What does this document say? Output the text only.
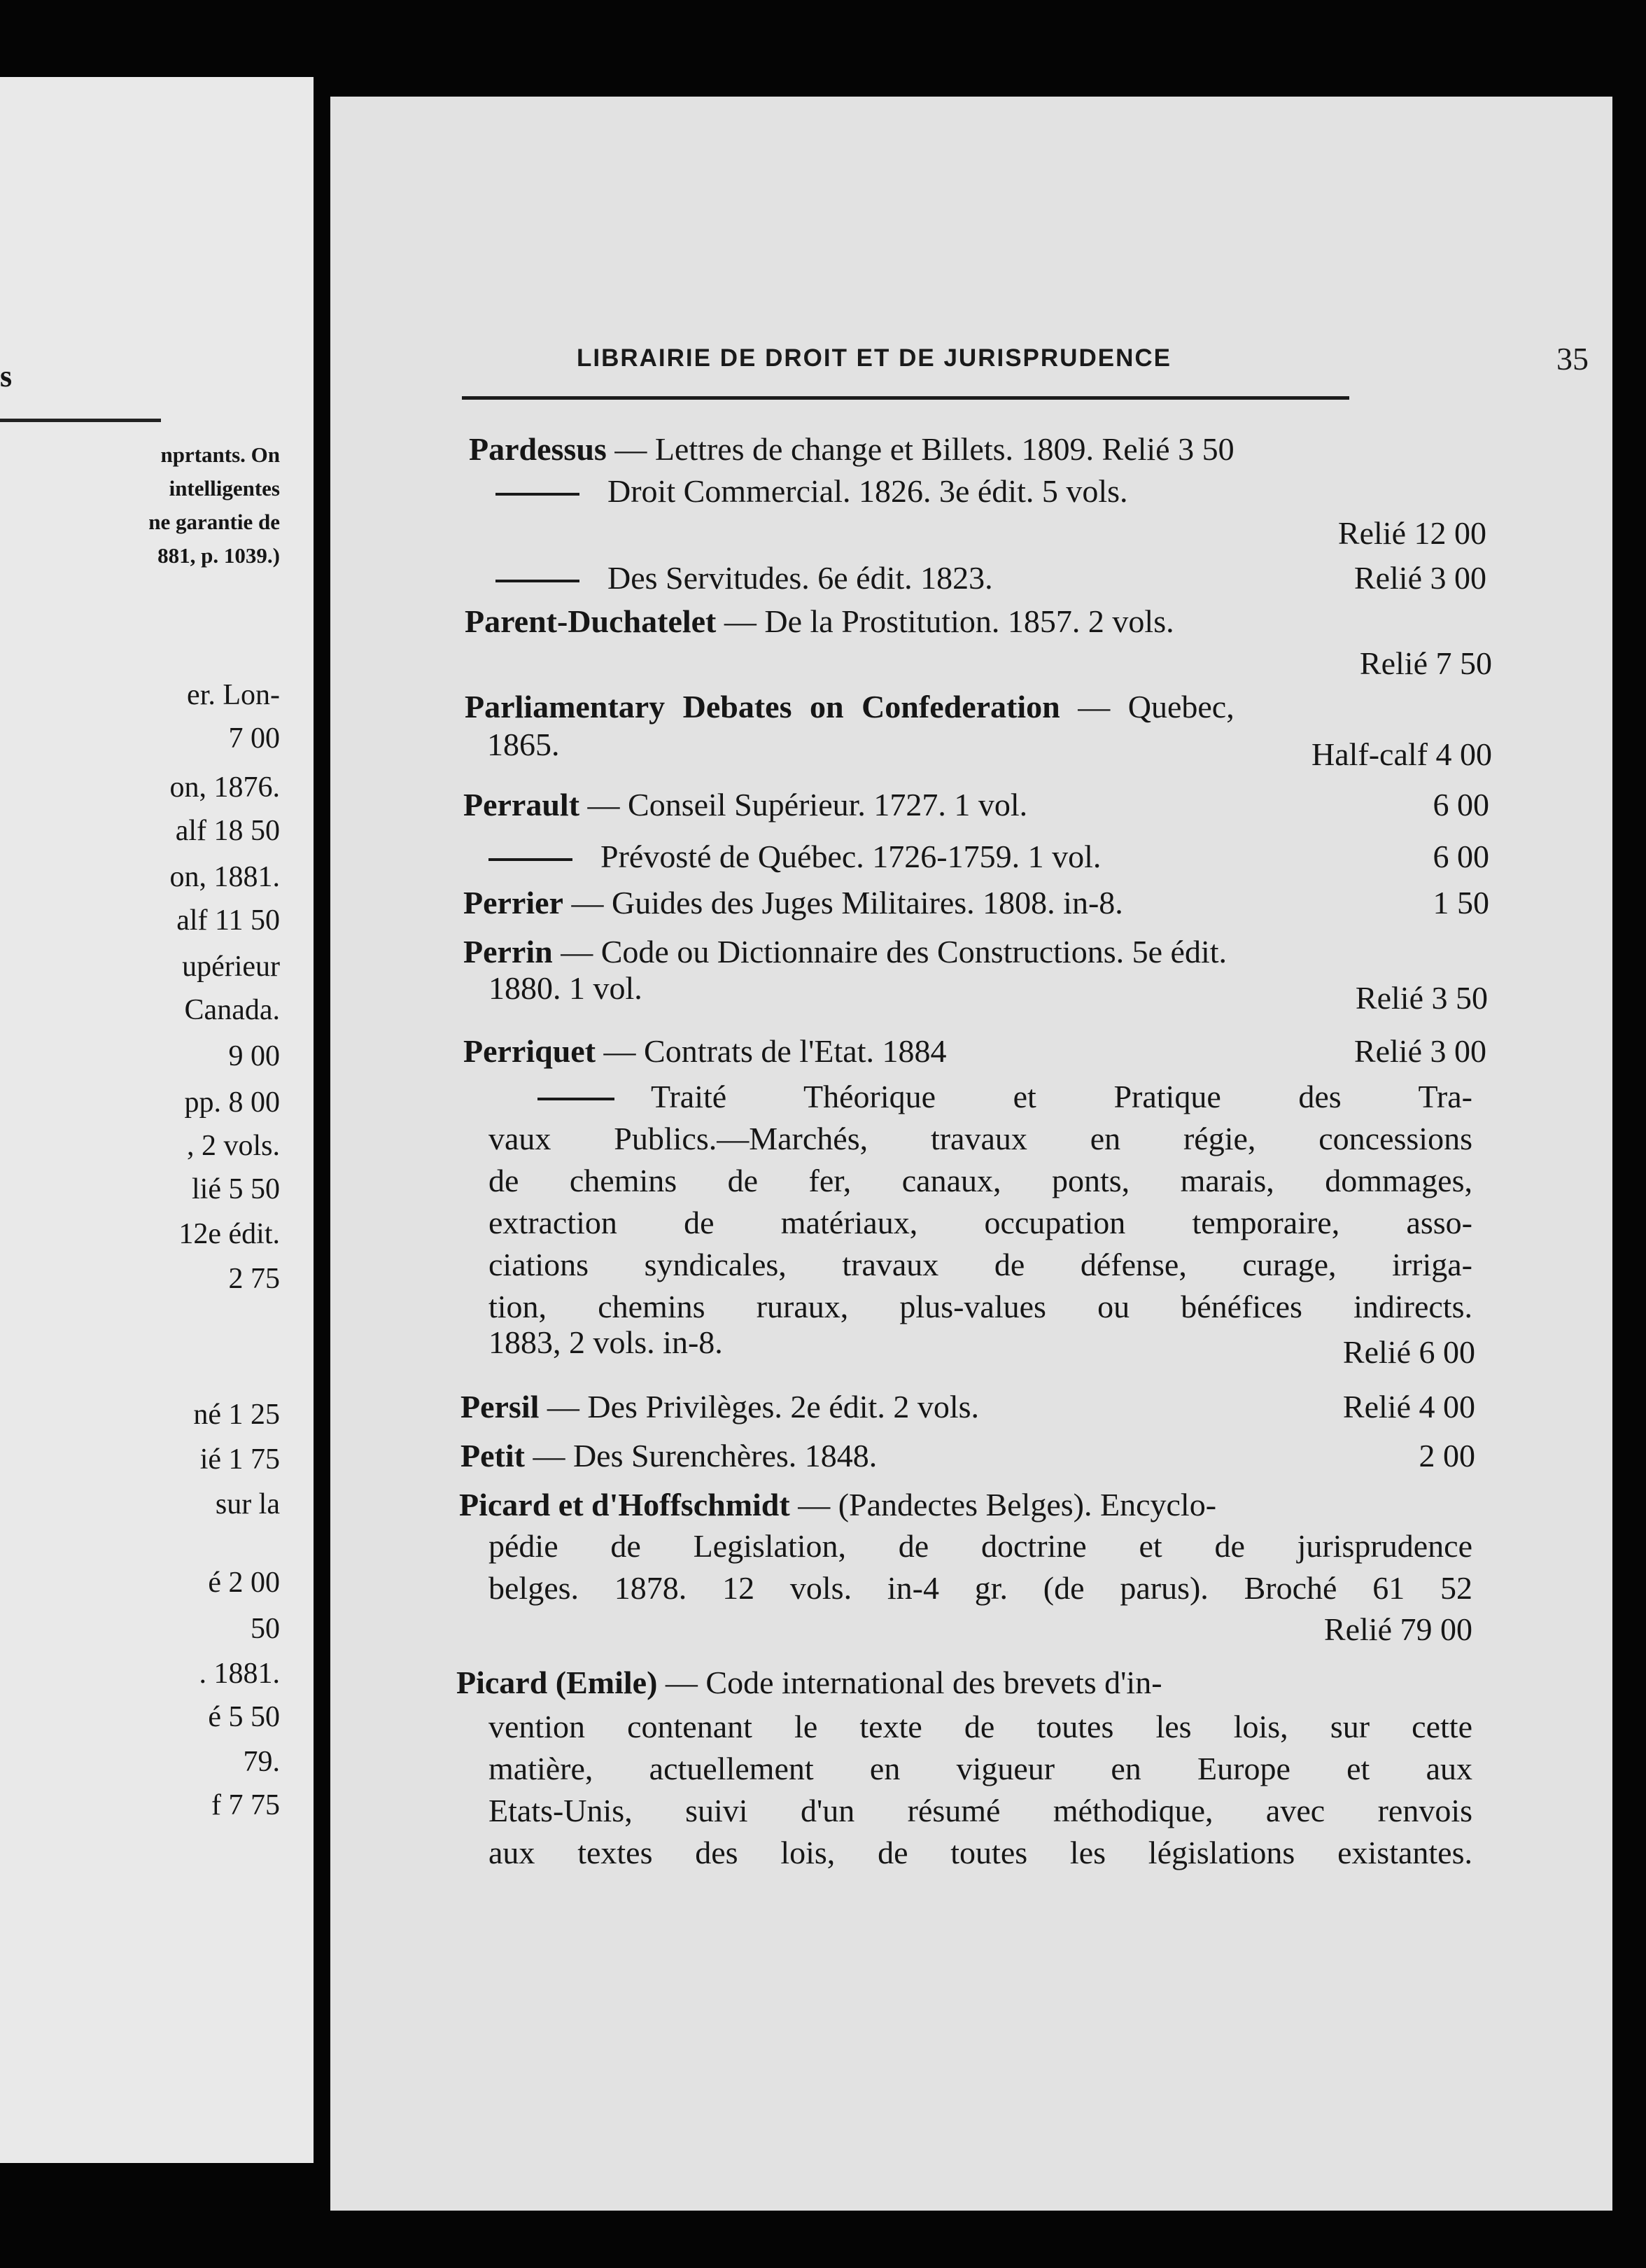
s
nprtants. On
intelligentes
ne garantie de
881, p. 1039.)
er. Lon-
7 00
on, 1876.
alf 18 50
on, 1881.
alf 11 50
upérieur
Canada.
9 00
pp. 8 00
, 2 vols.
lié 5 50
12e édit.
2 75
né 1 25
ié 1 75
sur la
é 2 00
50
. 1881.
é 5 50
79.
f 7 75
LIBRAIRIE DE DROIT ET DE JURISPRUDENCE	35
Pardessus — Lettres de change et Billets. 1809. Relié 3 50
Droit Commercial. 1826. 3e édit. 5 vols.
Relié 12 00
Des Servitudes. 6e édit. 1823.	Relié 3 00
Parent-Duchatelet — De la Prostitution. 1857. 2 vols.
Relié 7 50
Parliamentary Debates on Confederation — Quebec,
1865.	Half-calf 4 00
Perrault — Conseil Supérieur. 1727. 1 vol.	6 00
Prévosté de Québec. 1726-1759. 1 vol.	6 00
Perrier — Guides des Juges Militaires. 1808. in-8.	1 50
Perrin — Code ou Dictionnaire des Constructions. 5e édit.
1880. 1 vol.	Relié 3 50
Perriquet — Contrats de l'Etat. 1884	Relié 3 00
Traité Théorique et Pratique des Tra-
vaux Publics.—Marchés, travaux en régie, concessions
de chemins de fer, canaux, ponts, marais, dommages,
extraction de matériaux, occupation temporaire, asso-
ciations syndicales, travaux de défense, curage, irriga-
tion, chemins ruraux, plus-values ou bénéfices indirects.
1883, 2 vols. in-8.	Relié 6 00
Persil — Des Privilèges. 2e édit. 2 vols.	Relié 4 00
Petit — Des Surenchères. 1848.	2 00
Picard et d'Hoffschmidt — (Pandectes Belges). Encyclo-
pédie de Legislation, de doctrine et de jurisprudence
belges. 1878. 12 vols. in-4 gr. (de parus). Broché 61 52
Relié 79 00
Picard (Emile) — Code international des brevets d'in-
vention contenant le texte de toutes les lois, sur cette
matière, actuellement en vigueur en Europe et aux
Etats-Unis, suivi d'un résumé méthodique, avec renvois
aux textes des lois, de toutes les législations existantes.
